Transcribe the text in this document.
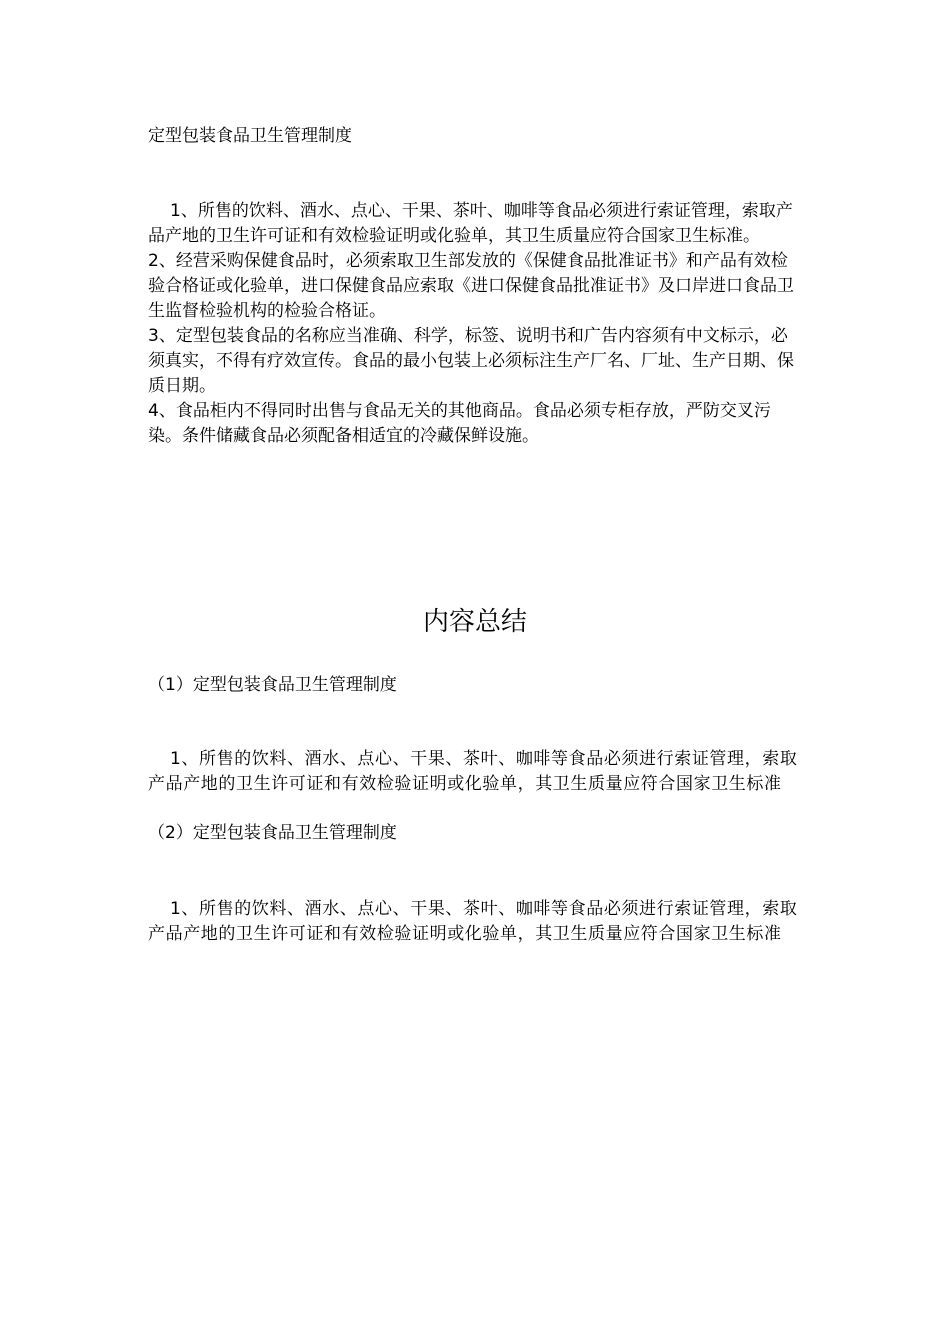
定型包装食品卫生管理制度

1、所售的饮料、酒水、点心、干果、茶叶、咖啡等食品必须进行索证管理，索取产品产地的卫生许可证和有效检验证明或化验单，其卫生质量应符合国家卫生标准。

2、经营采购保健食品时，必须索取卫生部发放的《保健食品批准证书》和产品有效检验合格证或化验单，进口保健食品应索取《进口保健食品批准证书》及口岸进口食品卫生监督检验机构的检验合格证。

3、定型包装食品的名称应当准确、科学，标签、说明书和广告内容须有中文标示，必须真实，不得有疗效宣传。食品的最小包装上必须标注生产厂名、厂址、生产日期、保质日期。

4、食品柜内不得同时出售与食品无关的其他商品。食品必须专柜存放，严防交叉污染。条件储藏食品必须配备相适宜的冷藏保鲜设施。

内容总结

（1）定型包装食品卫生管理制度

1、所售的饮料、酒水、点心、干果、茶叶、咖啡等食品必须进行索证管理，索取产品产地的卫生许可证和有效检验证明或化验单，其卫生质量应符合国家卫生标准

（2）定型包装食品卫生管理制度

1、所售的饮料、酒水、点心、干果、茶叶、咖啡等食品必须进行索证管理，索取产品产地的卫生许可证和有效检验证明或化验单，其卫生质量应符合国家卫生标准
